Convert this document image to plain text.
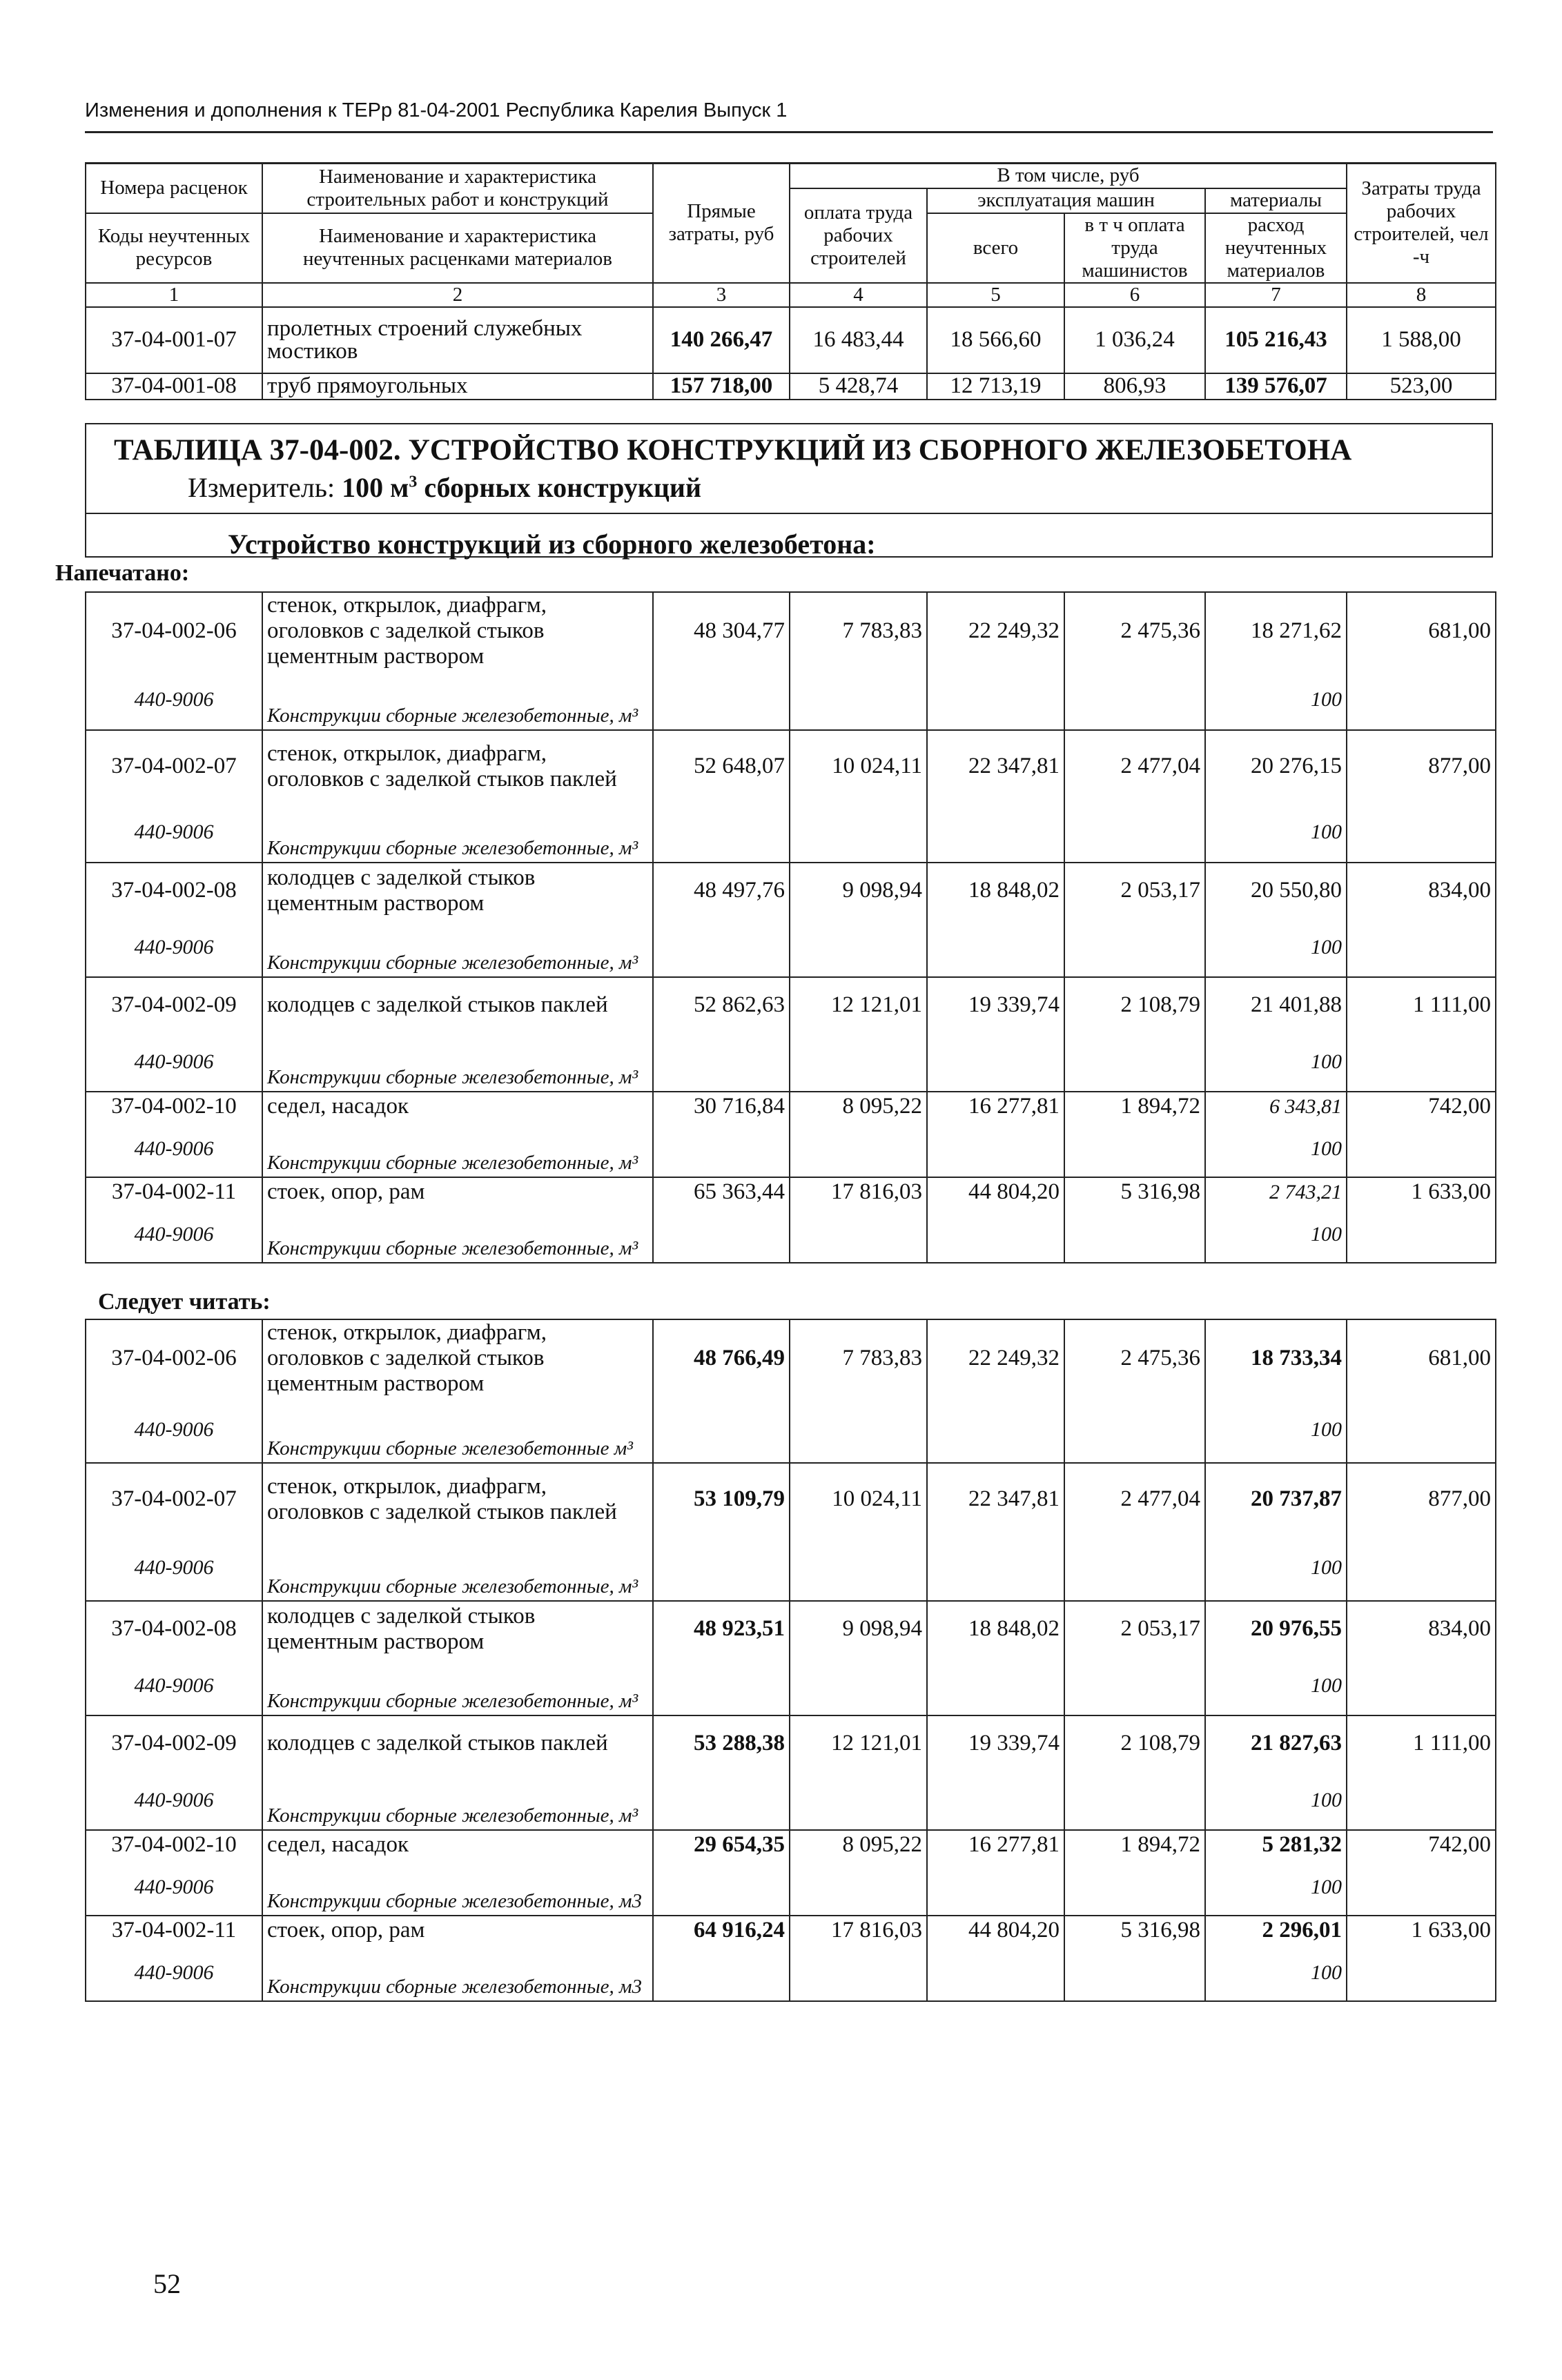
Изменения и дополнения к ТЕРр 81-04-2001 Республика Карелия Выпуск 1
Номера расценок	Наименование и характеристика строительных работ и конструкций	Прямые затраты, руб	В том числе, руб				Затраты труда рабочих строителей, чел -ч
			оплата труда рабочих строителей	эксплуатация машин		материалы	
Коды неучтенных ресурсов	Наименование и характеристика неучтенных расценками материалов			всего	в т ч оплата труда машинистов	расход неучтенных материалов	

1	2	3	4	5	6	7	8
37-04-001-07	пролетных строений служебных мостиков	140 266,47	16 483,44	18 566,60	1 036,24	105 216,43	1 588,00
37-04-001-08	труб прямоугольных	157 718,00	5 428,74	12 713,19	806,93	139 576,07	523,00
ТАБЛИЦА 37-04-002. УСТРОЙСТВО КОНСТРУКЦИЙ ИЗ СБОРНОГО ЖЕЛЕЗОБЕТОНА
Измеритель: 100 $м^3$ сборных конструкций
Устройство конструкций из сборного железобетона:
Напечатано:
Следует читать:
37-04-002-06	стенок, открылок, диафрагм, оголовков с заделкой стыков цементным раствором	48 304,77	7 783,83	22 249,32	2 475,36	18 271,62	681,00
440-9006	Конструкции сборные железобетонные, м³					100	
37-04-002-07	стенок, открылок, диафрагм, оголовков с заделкой стыков паклей	52 648,07	10 024,11	22 347,81	2 477,04	20 276,15	877,00
440-9006	Конструкции сборные железобетонные, м³					100	
37-04-002-08	колодцев с заделкой стыков цементным раствором	48 497,76	9 098,94	18 848,02	2 053,17	20 550,80	834,00
440-9006	Конструкции сборные железобетонные, м³					100	
37-04-002-09	колодцев с заделкой стыков паклей	52 862,63	12 121,01	19 339,74	2 108,79	21 401,88	1 111,00
440-9006	Конструкции сборные железобетонные, м³					100	
37-04-002-10	седел, насадок	30 716,84	8 095,22	16 277,81	1 894,72	6 343,81	742,00
440-9006	Конструкции сборные железобетонные, м³					100	
37-04-002-11	стоек, опор, рам	65 363,44	17 816,03	44 804,20	5 316,98	2 743,21	1 633,00
440-9006	Конструкции сборные железобетонные, м³					100	
37-04-002-06	стенок, открылок, диафрагм, оголовков с заделкой стыков цементным раствором	48 766,49	7 783,83	22 249,32	2 475,36	18 733,34	681,00
440-9006	Конструкции сборные железобетонные м³					100	
37-04-002-07	стенок, открылок, диафрагм, оголовков с заделкой стыков паклей	53 109,79	10 024,11	22 347,81	2 477,04	20 737,87	877,00
440-9006	Конструкции сборные железобетонные, м³					100	
37-04-002-08	колодцев с заделкой стыков цементным раствором	48 923,51	9 098,94	18 848,02	2 053,17	20 976,55	834,00
440-9006	Конструкции сборные железобетонные, м³					100	
37-04-002-09	колодцев с заделкой стыков паклей	53 288,38	12 121,01	19 339,74	2 108,79	21 827,63	1 111,00
440-9006	Конструкции сборные железобетонные, м³					100	
37-04-002-10	седел, насадок	29 654,35	8 095,22	16 277,81	1 894,72	5 281,32	742,00
440-9006	Конструкции сборные железобетонные, м3					100	
37-04-002-11	стоек, опор, рам	64 916,24	17 816,03	44 804,20	5 316,98	2 296,01	1 633,00
440-9006	Конструкции сборные железобетонные, м3					100	
52
